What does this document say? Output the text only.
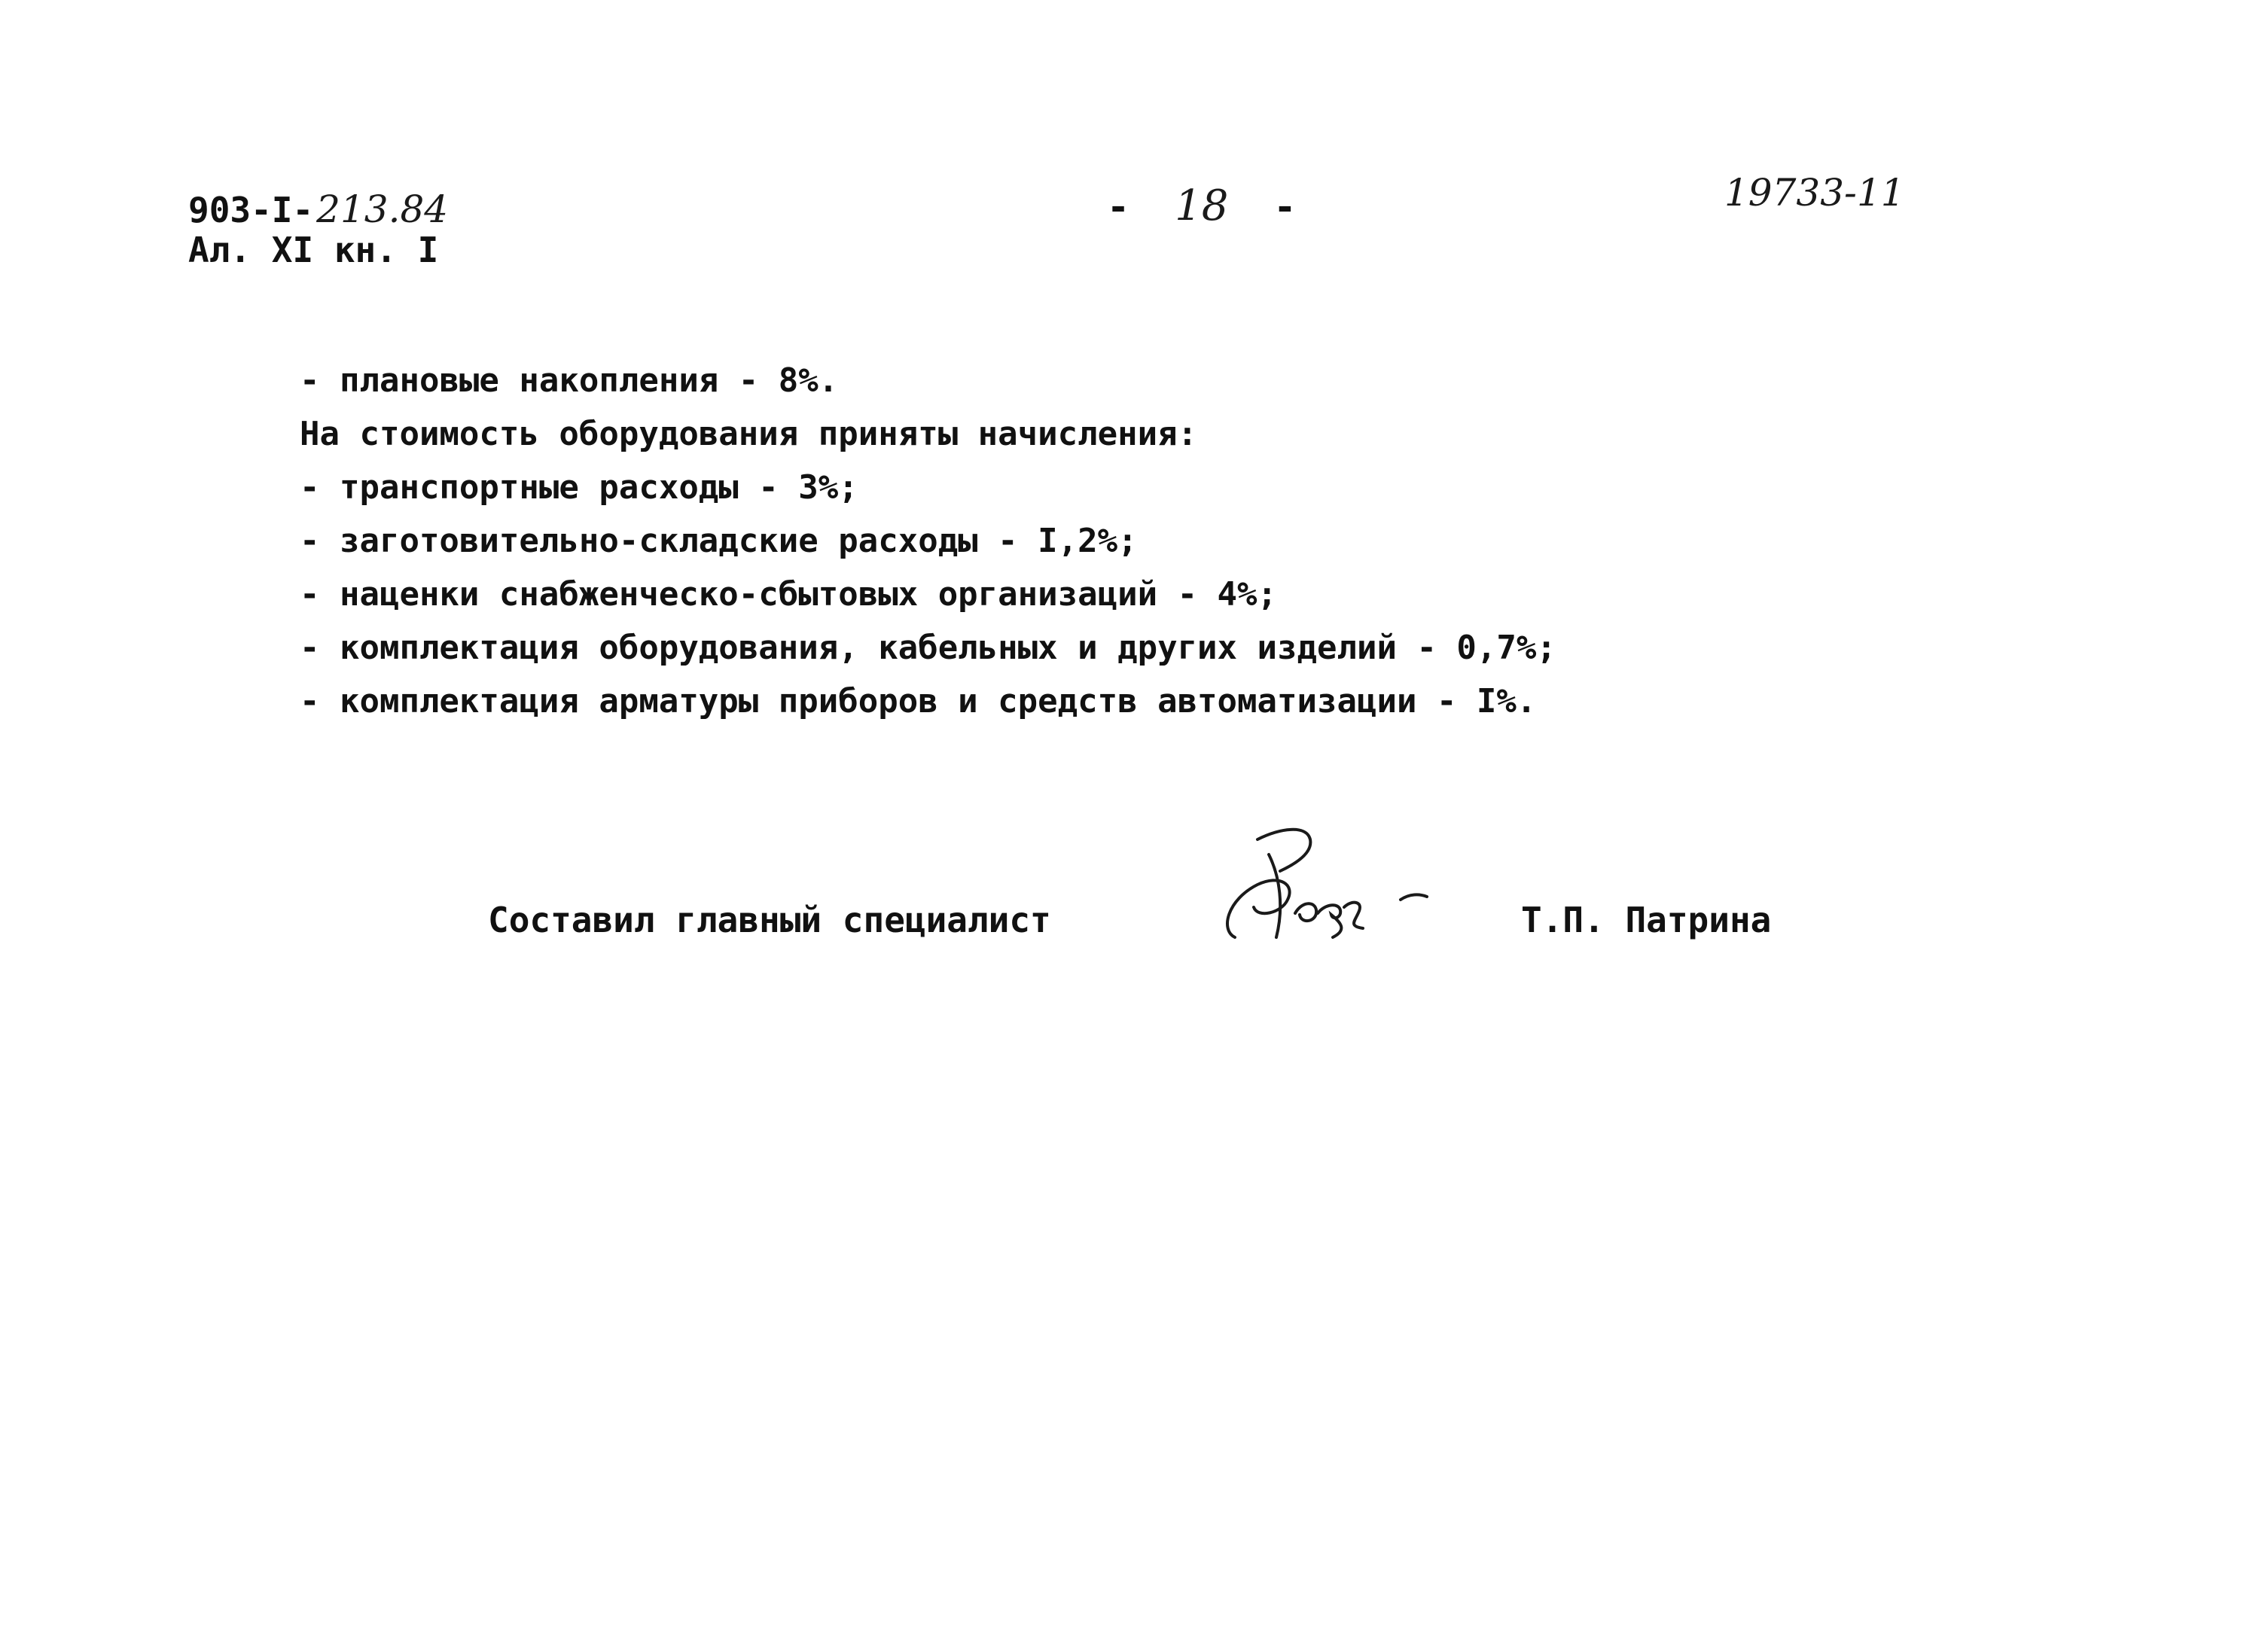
903-I-213.84
Ал. XI кн. I
- 18 -	19733-11
- плановые накопления - 8%.
На стоимость оборудования приняты начисления:
- транспортные расходы - 3%;
- заготовительно-складские расходы - I,2%;
- наценки снабженческо-сбытовых организаций - 4%;
- комплектация оборудования, кабельных и других изделий - 0,7%;
- комплектация арматуры приборов и средств автоматизации - I%.
Составил главный специалист	Т.П. Патрина
